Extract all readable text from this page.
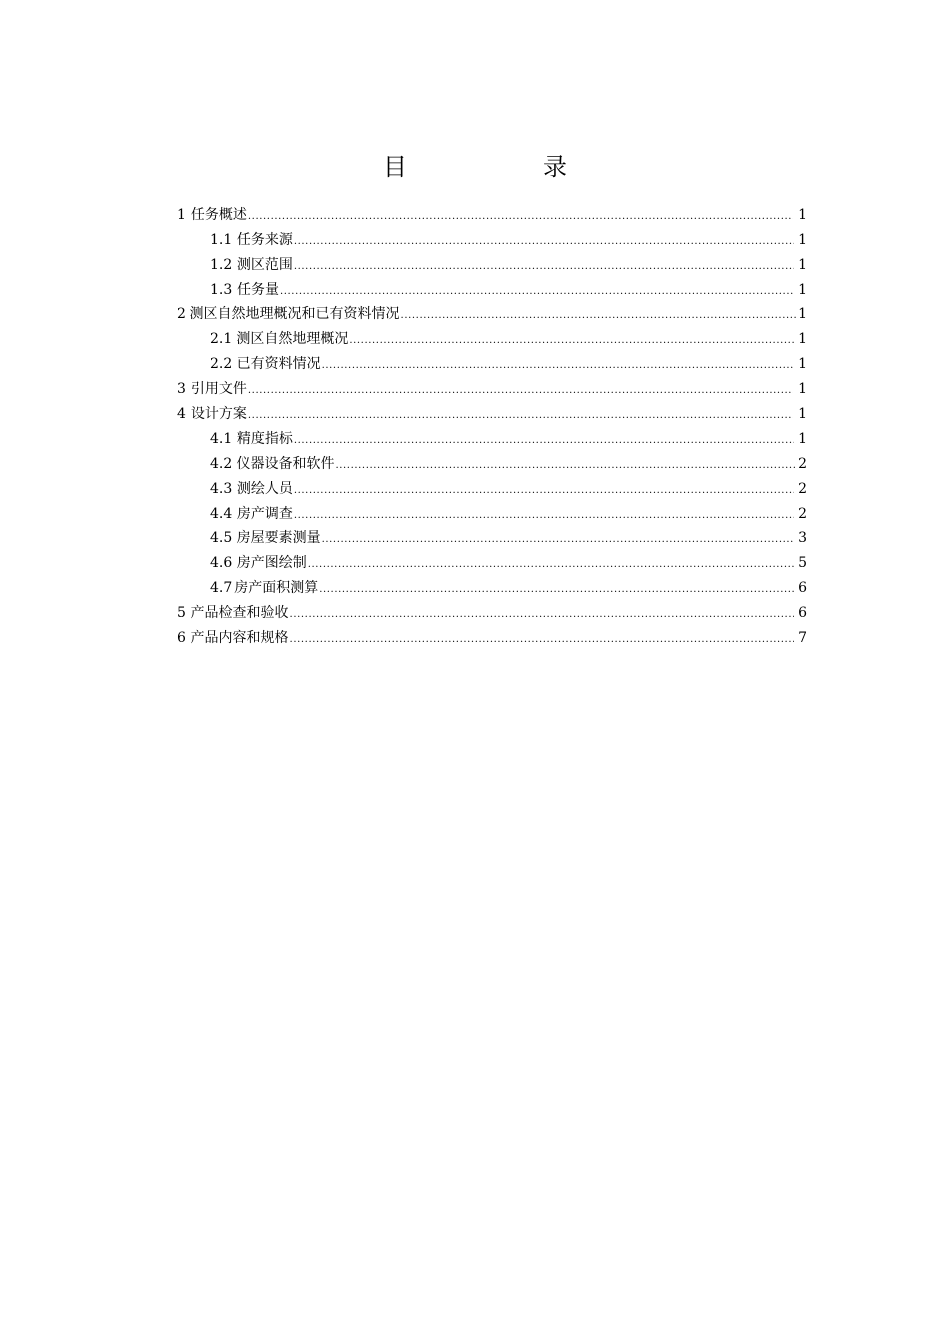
目　录
1 任务概述 .....	1
1.1 任务来源 .....	1
1.2 测区范围 .....	1
1.3 任务量 .....	1
2 测区自然地理概况和已有资料情况 .....	1
2.1 测区自然地理概况 .....	1
2.2 已有资料情况 .....	1
3 引用文件 .....	1
4 设计方案 .....	1
4.1 精度指标 .....	1
4.2 仪器设备和软件 .....	2
4.3 测绘人员 .....	2
4.4 房产调查 .....	2
4.5 房屋要素测量 .....	3
4.6 房产图绘制 .....	5
4.7 房产面积测算 .....	6
5 产品检查和验收 .....	6
6 产品内容和规格 .....	7
